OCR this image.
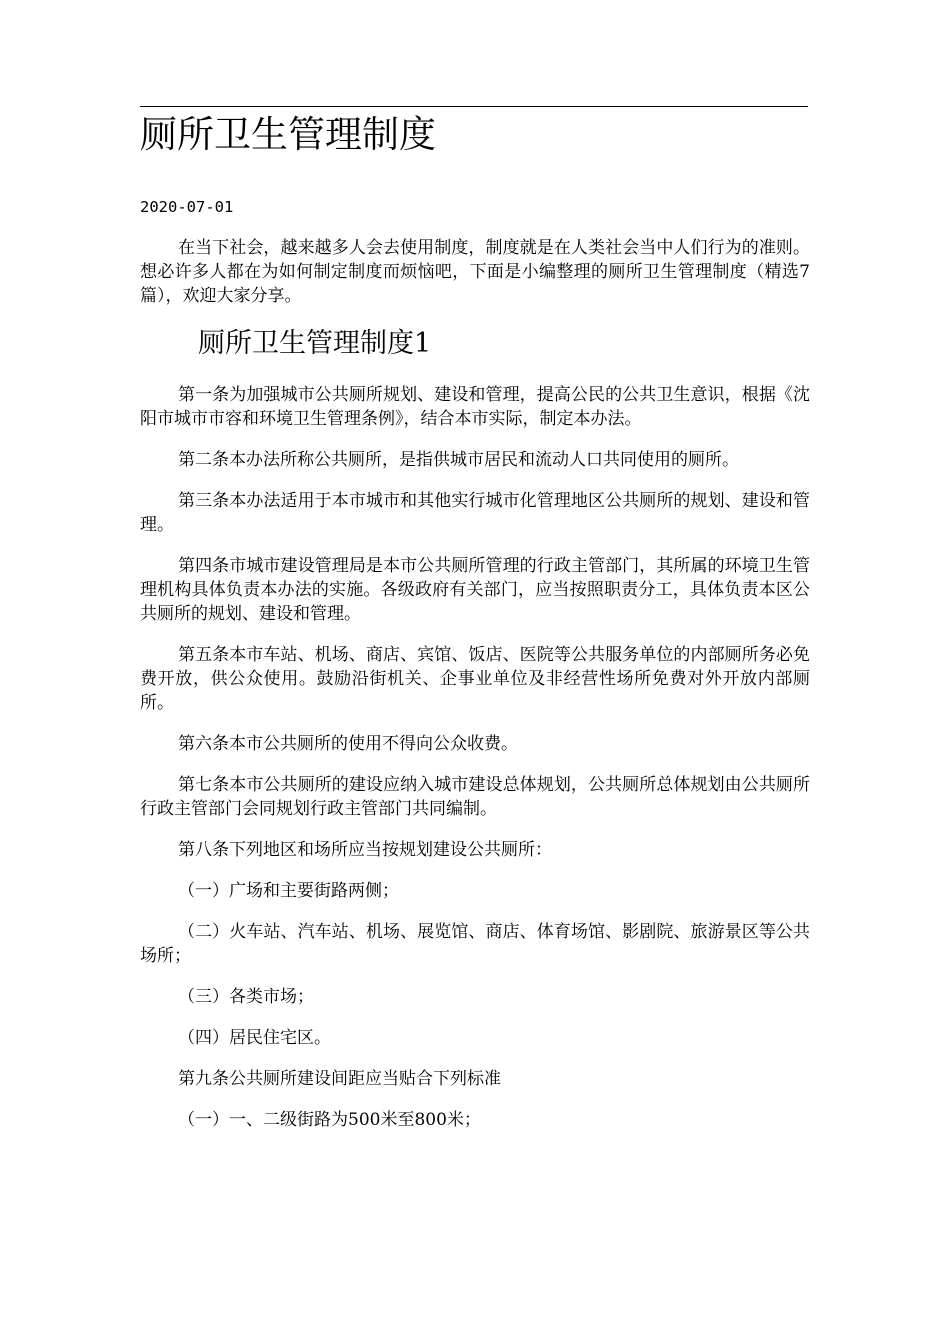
厕所卫生管理制度
2020-07-01

在当下社会，越来越多人会去使用制度，制度就是在人类社会当中人们行为的准则。想必许多人都在为如何制定制度而烦恼吧，下面是小编整理的厕所卫生管理制度（精选7篇），欢迎大家分享。

厕所卫生管理制度1

第一条为加强城市公共厕所规划、建设和管理，提高公民的公共卫生意识，根据《沈阳市城市市容和环境卫生管理条例》，结合本市实际，制定本办法。

第二条本办法所称公共厕所，是指供城市居民和流动人口共同使用的厕所。

第三条本办法适用于本市城市和其他实行城市化管理地区公共厕所的规划、建设和管理。

第四条市城市建设管理局是本市公共厕所管理的行政主管部门，其所属的环境卫生管理机构具体负责本办法的实施。各级政府有关部门，应当按照职责分工，具体负责本区公共厕所的规划、建设和管理。

第五条本市车站、机场、商店、宾馆、饭店、医院等公共服务单位的内部厕所务必免费开放，供公众使用。鼓励沿街机关、企事业单位及非经营性场所免费对外开放内部厕所。

第六条本市公共厕所的使用不得向公众收费。

第七条本市公共厕所的建设应纳入城市建设总体规划，公共厕所总体规划由公共厕所行政主管部门会同规划行政主管部门共同编制。

第八条下列地区和场所应当按规划建设公共厕所：

（一）广场和主要街路两侧；

（二）火车站、汽车站、机场、展览馆、商店、体育场馆、影剧院、旅游景区等公共场所；

（三）各类市场；

（四）居民住宅区。

第九条公共厕所建设间距应当贴合下列标准

（一）一、二级街路为500米至800米；
